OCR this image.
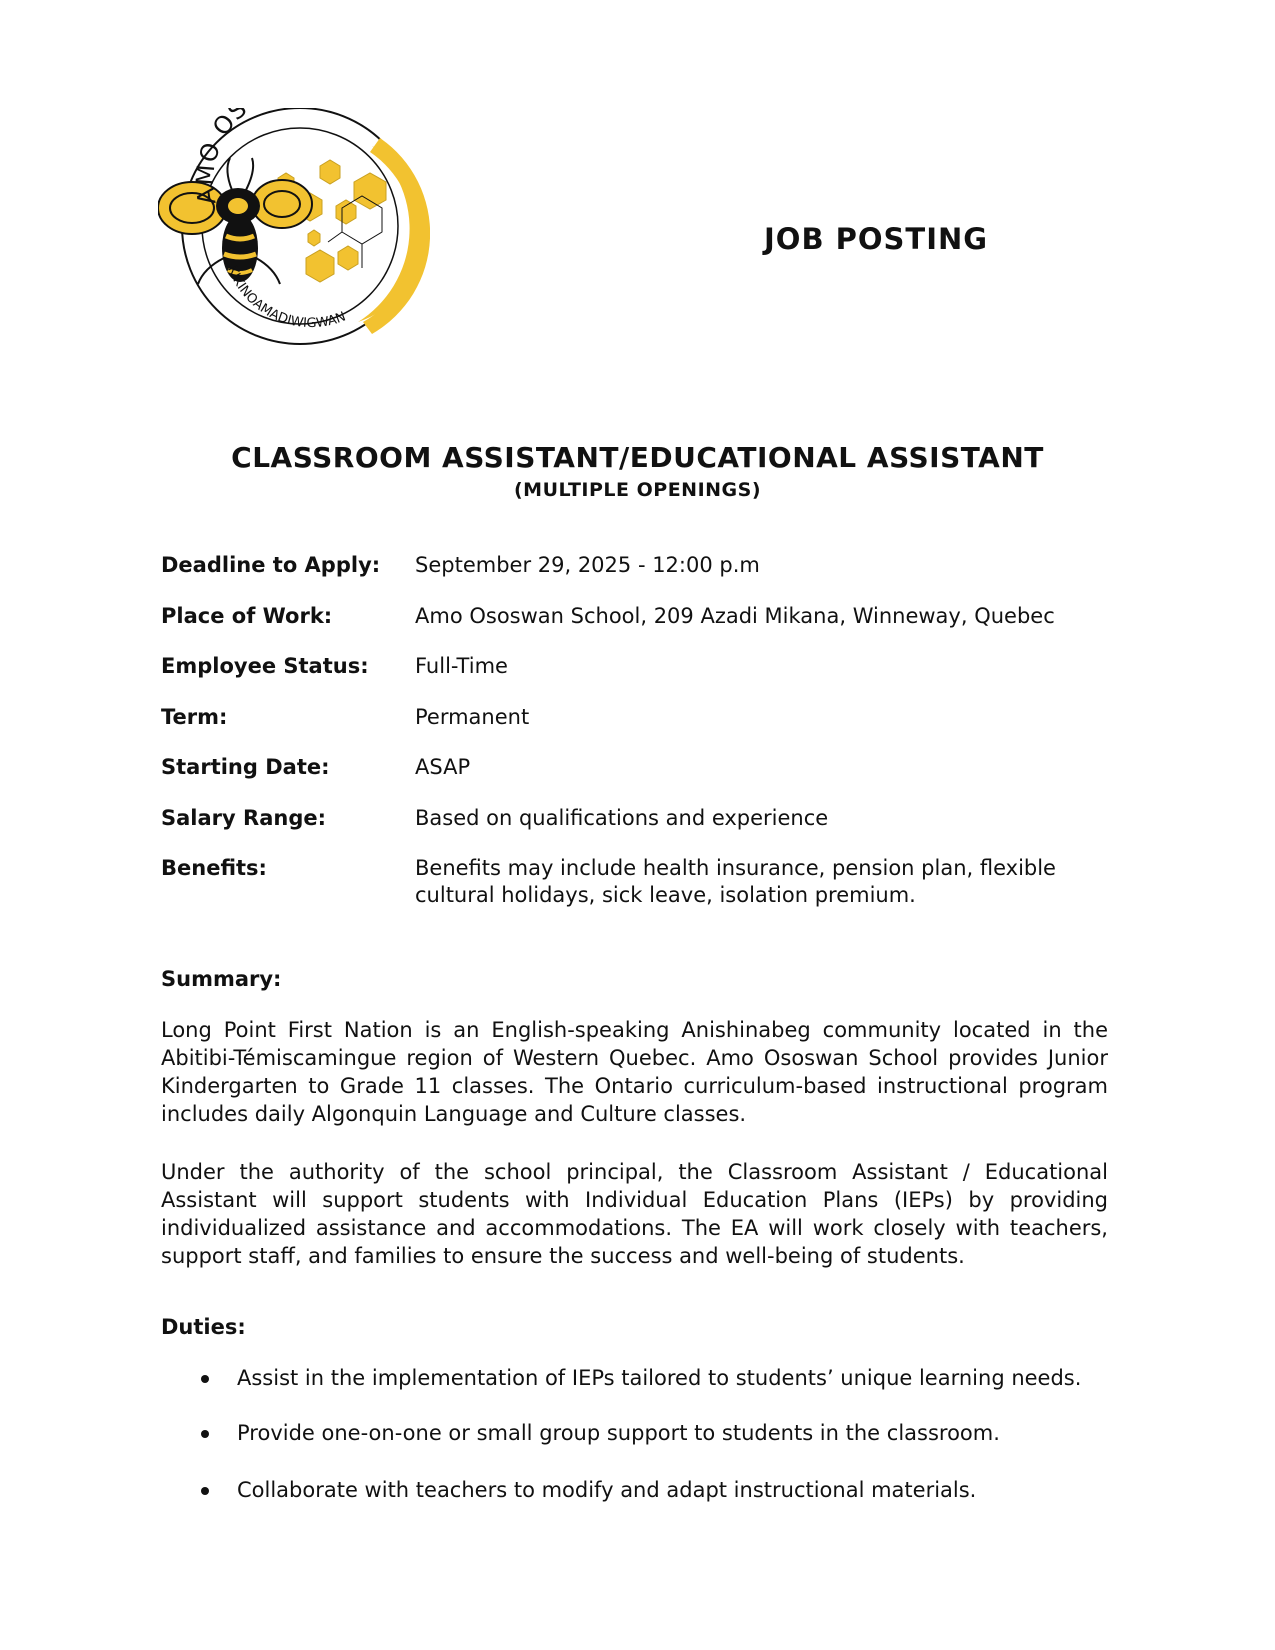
AMO OS
KIKINOAMADIWIGWAN
JOB POSTING
CLASSROOM ASSISTANT/EDUCATIONAL ASSISTANT
(MULTIPLE OPENINGS)
Deadline to Apply: September 29, 2025 - 12:00 p.m
Place of Work:	Amo Ososwan School, 209 Azadi Mikana, Winneway, Quebec
Employee Status: Full-Time
Term:	Permanent
Starting Date:	ASAP
Salary Range:	Based on qualifications and experience
Benefits:	Benefits may include health insurance, pension plan, flexible cultural holidays, sick leave, isolation premium.
Summary:
Long Point First Nation is an English-speaking Anishinabeg community located in the Abitibi-Témiscamingue region of Western Quebec. Amo Ososwan School provides Junior Kindergarten to Grade 11 classes. The Ontario curriculum-based instructional program includes daily Algonquin Language and Culture classes.
Under the authority of the school principal, the Classroom Assistant / Educational Assistant will support students with Individual Education Plans (IEPs) by providing individualized assistance and accommodations. The EA will work closely with teachers, support staff, and families to ensure the success and well-being of students.
Duties:
Assist in the implementation of IEPs tailored to students’ unique learning needs.
Provide one-on-one or small group support to students in the classroom.
Collaborate with teachers to modify and adapt instructional materials.
